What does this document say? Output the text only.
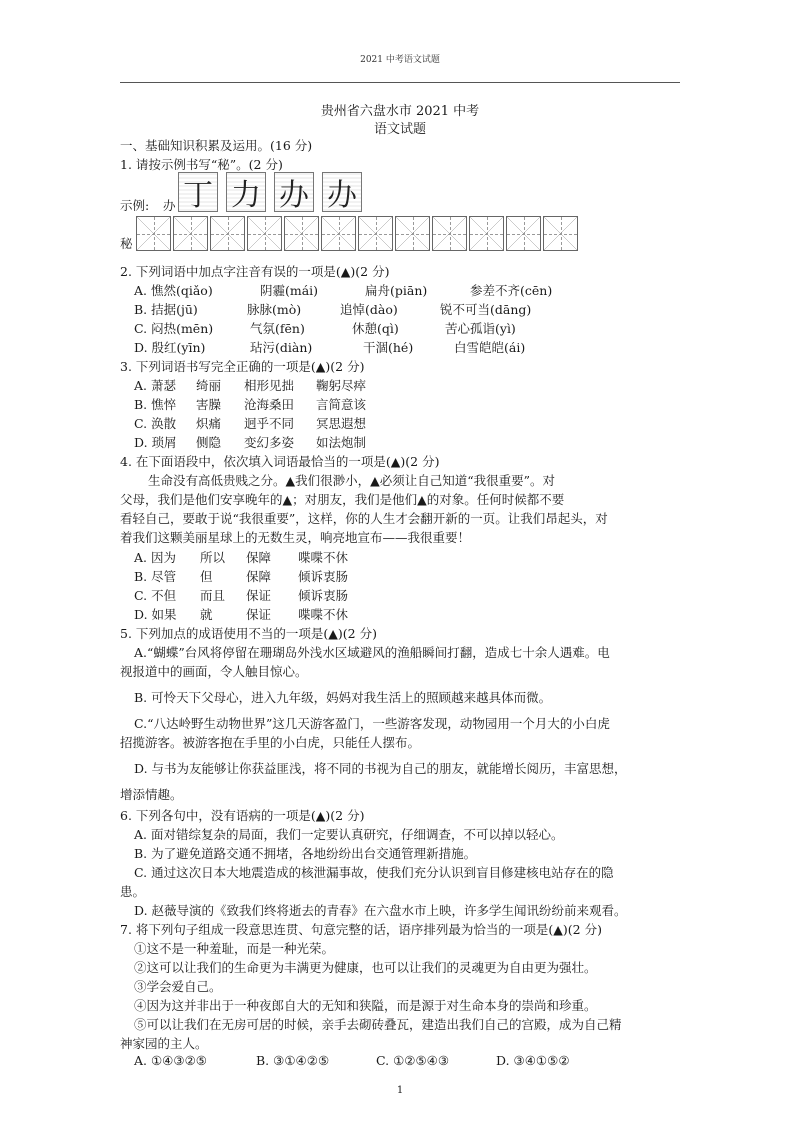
2021 中考语文试题
贵州省六盘水市 2021 中考
语文试题
一、基础知识积累及运用。(16 分)
1. 请按示例书写“秘”。(2 分)
示例: 办 丁 力 办 办
秘
2. 下列词语中加点字注音有误的一项是(▲)(2 分)
A. 憔然(qiǎo)	阴霾(mái)	扁舟(piān)	参差不齐(cēn)
B. 拮据(jū)	脉脉(mò)	追悼(dào)	锐不可当(dāng)
C. 闷热(mēn)	气氛(fēn)	休憩(qì)	苦心孤诣(yì)
D. 殷红(yīn)	玷污(diàn)	干涸(hé)	白雪皑皑(ái)
3. 下列词语书写完全正确的一项是(▲)(2 分)
A. 萧瑟 绮丽 相形见拙 鞠躬尽瘁
B. 憔悴 害臊 沧海桑田 言简意该
C. 涣散 炽痛 迥乎不同 冥思遐想
D. 琐屑 侧隐 变幻多姿 如法炮制
4. 在下面语段中，依次填入词语最恰当的一项是(▲)(2 分)
生命没有高低贵贱之分。▲我们很渺小，▲必须让自己知道“我很重要”。对
父母，我们是他们安享晚年的▲；对朋友，我们是他们▲的对象。任何时候都不要
看轻自己，要敢于说“我很重要”，这样，你的人生才会翻开新的一页。让我们昂起头，对
着我们这颗美丽星球上的无数生灵，响亮地宣布——我很重要！
A. 因为 所以 保障 喋喋不休
B. 尽管 但	保障 倾诉衷肠
C. 不但 而且 保证 倾诉衷肠
D. 如果 就	保证 喋喋不休
5. 下列加点的成语使用不当的一项是(▲)(2 分)
A.“蝴蝶”台风将停留在珊瑚岛外浅水区域避风的渔船瞬间打翻，造成七十余人遇难。电
视报道中的画面，令人触目惊心。
B. 可怜天下父母心，进入九年级，妈妈对我生活上的照顾越来越具体而微。
C.“八达岭野生动物世界”这几天游客盈门，一些游客发现，动物园用一个月大的小白虎
招揽游客。被游客抱在手里的小白虎，只能任人摆布。
D. 与书为友能够让你获益匪浅，将不同的书视为自己的朋友，就能增长阅历，丰富思想，
增添情趣。
6. 下列各句中，没有语病的一项是(▲)(2 分)
A. 面对错综复杂的局面，我们一定要认真研究，仔细调查，不可以掉以轻心。
B. 为了避免道路交通不拥堵，各地纷纷出台交通管理新措施。
C. 通过这次日本大地震造成的核泄漏事故，使我们充分认识到盲目修建核电站存在的隐
患。
D. 赵薇导演的《致我们终将逝去的青春》在六盘水市上映，许多学生闻讯纷纷前来观看。
7. 将下列句子组成一段意思连贯、句意完整的话，语序排列最为恰当的一项是(▲)(2 分)
①这不是一种羞耻，而是一种光荣。
②这可以让我们的生命更为丰满更为健康，也可以让我们的灵魂更为自由更为强壮。
③学会爱自己。
④因为这并非出于一种夜郎自大的无知和狭隘，而是源于对生命本身的崇尚和珍重。
⑤可以让我们在无房可居的时候，亲手去砌砖叠瓦，建造出我们自己的宫殿，成为自己精
神家园的主人。
A. ①④③②⑤	B. ③①④②⑤	C. ①②⑤④③	D. ③④①⑤②
1
